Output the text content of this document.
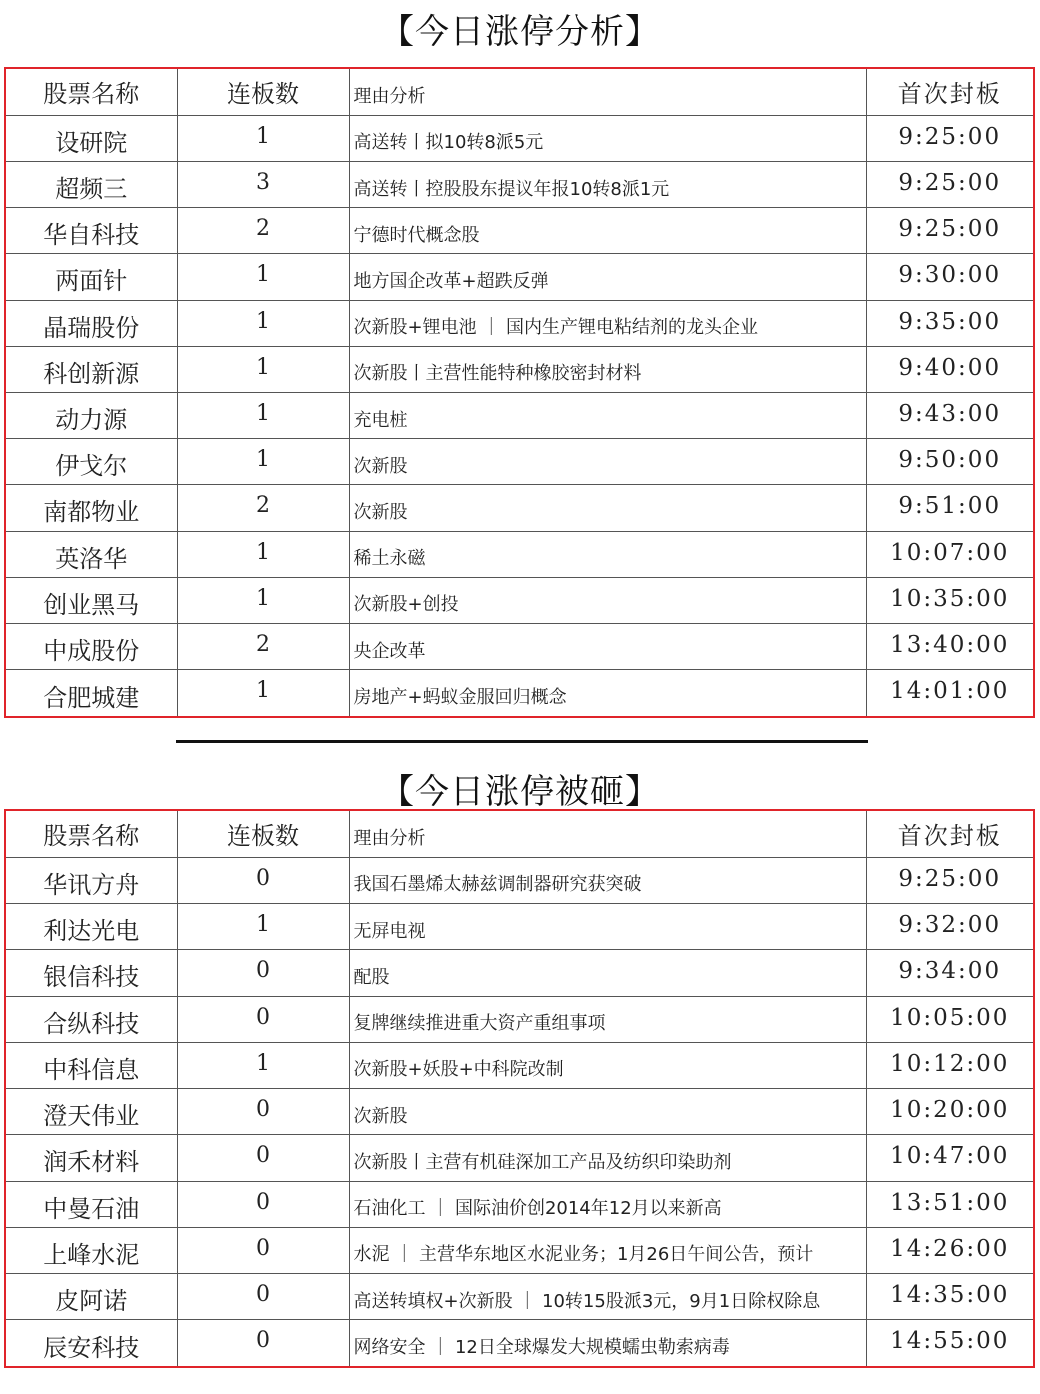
【今日涨停分析】
股票名称	连板数	理由分析	首次封板
设研院	1	高送转丨拟10转8派5元	9:25:00
超频三	3	高送转丨控股股东提议年报10转8派1元	9:25:00
华自科技	2	宁德时代概念股	9:25:00
两面针	1	地方国企改革+超跌反弹	9:30:00
晶瑞股份	1	次新股+锂电池 ｜ 国内生产锂电粘结剂的龙头企业	9:35:00
科创新源	1	次新股丨主营性能特种橡胶密封材料	9:40:00
动力源	1	充电桩	9:43:00
伊戈尔	1	次新股	9:50:00
南都物业	2	次新股	9:51:00
英洛华	1	稀土永磁	10:07:00
创业黑马	1	次新股+创投	10:35:00
中成股份	2	央企改革	13:40:00
合肥城建	1	房地产+蚂蚁金服回归概念	14:01:00
【今日涨停被砸】
股票名称	连板数	理由分析	首次封板
华讯方舟	0	我国石墨烯太赫兹调制器研究获突破	9:25:00
利达光电	1	无屏电视	9:32:00
银信科技	0	配股	9:34:00
合纵科技	0	复牌继续推进重大资产重组事项	10:05:00
中科信息	1	次新股+妖股+中科院改制	10:12:00
澄天伟业	0	次新股	10:20:00
润禾材料	0	次新股丨主营有机硅深加工产品及纺织印染助剂	10:47:00
中曼石油	0	石油化工 ｜ 国际油价创2014年12月以来新高	13:51:00
上峰水泥	0	水泥 ｜ 主营华东地区水泥业务；1月26日午间公告，预计	14:26:00
皮阿诺	0	高送转填权+次新股 ｜ 10转15股派3元，9月1日除权除息	14:35:00
辰安科技	0	网络安全 ｜ 12日全球爆发大规模蠕虫勒索病毒	14:55:00
